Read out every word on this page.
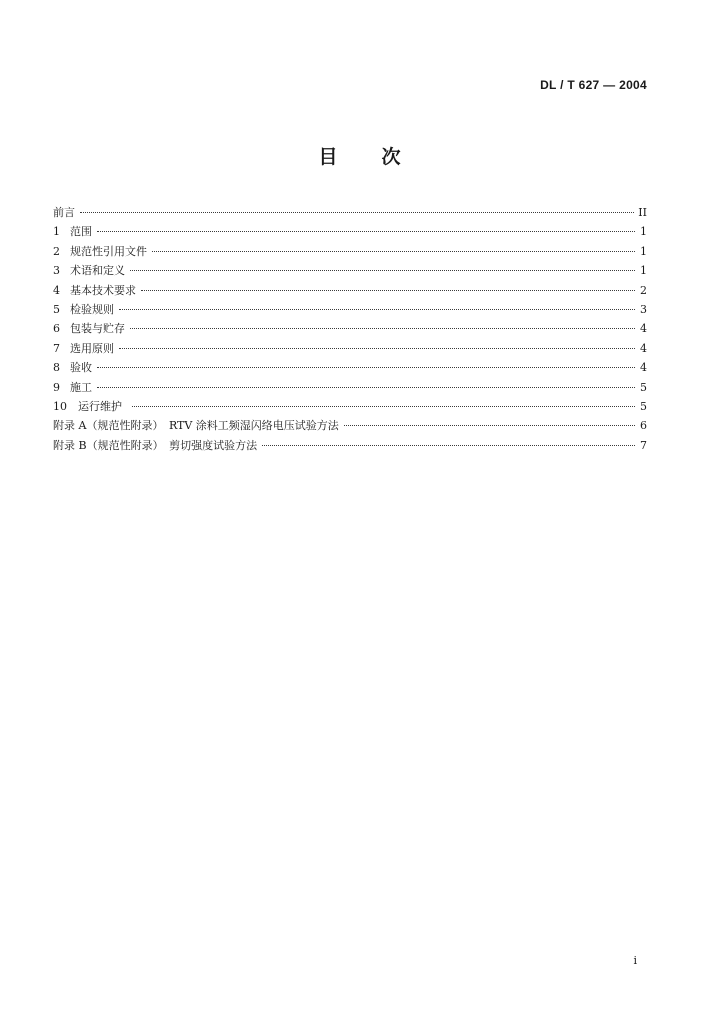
DL / T 627 — 2004
目次
前言	II
1 范围	1
2 规范性引用文件	1
3 术语和定义	1
4 基本技术要求	2
5 检验规则	3
6 包装与贮存	4
7 选用原则	4
8 验收	4
9 施工	5
10	运行维护	5
附录 A（规范性附录）　RTV 涂料工频湿闪络电压试验方法	6
附录 B（规范性附录）　剪切强度试验方法	7
i
